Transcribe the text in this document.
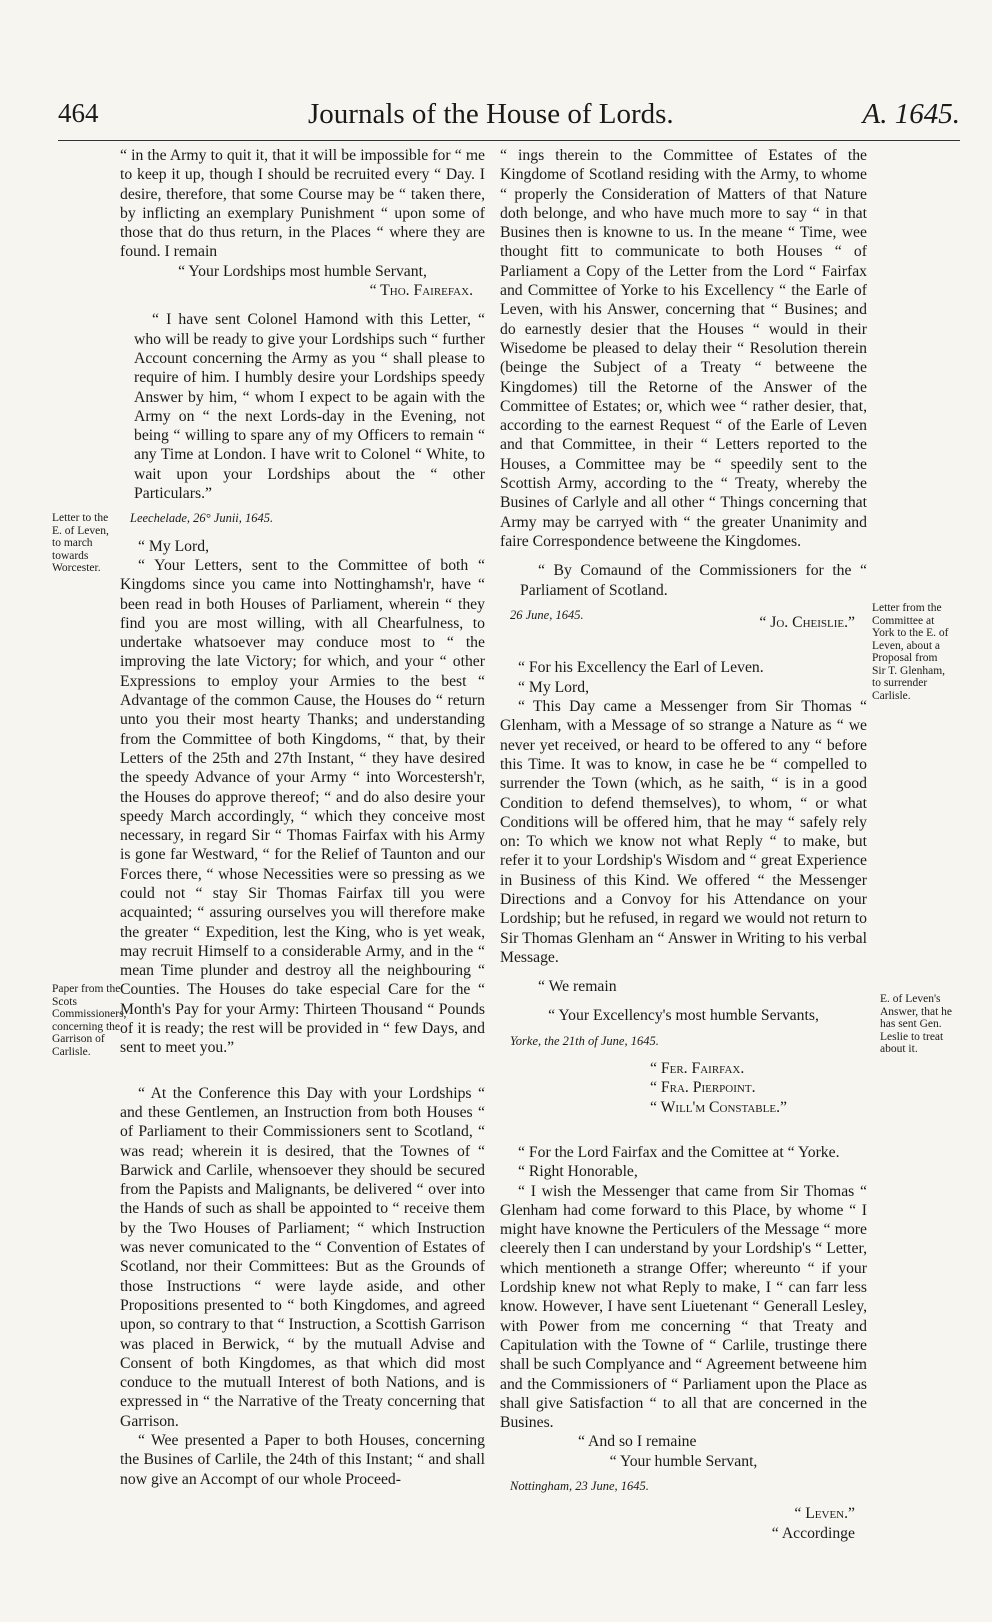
464	Journals of the House of Lords.	A. 1645.
Letter to the E. of Leven, to march towards Worcester.
Paper from the Scots Commissioners, concerning the Garrison of Carlisle.
Letter from the Committee at York to the E. of Leven, about a Proposal from Sir T. Glenham, to surrender Carlisle.
E. of Leven's Answer, that he has sent Gen. Leslie to treat about it.

“ in the Army to quit it, that it will be impossible for “ me to keep it up, though I should be recruited every “ Day. I desire, therefore, that some Course may be “ taken there, by inflicting an exemplary Punishment “ upon some of those that do thus return, in the Places “ where they are found. I remain

“ Your Lordships most humble Servant,

“ Tho. Fairefax.

“ I have sent Colonel Hamond with this Letter, “ who will be ready to give your Lordships such “ further Account concerning the Army as you “ shall please to require of him. I humbly desire your Lordships speedy Answer by him, “ whom I expect to be again with the Army on “ the next Lords-day in the Evening, not being “ willing to spare any of my Officers to remain “ any Time at London. I have writ to Colonel “ White, to wait upon your Lordships about the “ other Particulars.”

Leechelade, 26° Junii, 1645.

“ My Lord,

“ Your Letters, sent to the Committee of both “ Kingdoms since you came into Nottinghamsh'r, have “ been read in both Houses of Parliament, wherein “ they find you are most willing, with all Chearfulness, to undertake whatsoever may conduce most to “ the improving the late Victory; for which, and your “ other Expressions to employ your Armies to the best “ Advantage of the common Cause, the Houses do “ return unto you their most hearty Thanks; and understanding from the Committee of both Kingdoms, “ that, by their Letters of the 25th and 27th Instant, “ they have desired the speedy Advance of your Army “ into Worcestersh'r, the Houses do approve thereof; “ and do also desire your speedy March accordingly, “ which they conceive most necessary, in regard Sir “ Thomas Fairfax with his Army is gone far Westward, “ for the Relief of Taunton and our Forces there, “ whose Necessities were so pressing as we could not “ stay Sir Thomas Fairfax till you were acquainted; “ assuring ourselves you will therefore make the greater “ Expedition, lest the King, who is yet weak, may recruit Himself to a considerable Army, and in the “ mean Time plunder and destroy all the neighbouring “ Counties. The Houses do take especial Care for the “ Month's Pay for your Army: Thirteen Thousand “ Pounds of it is ready; the rest will be provided in “ few Days, and sent to meet you.”

“ At the Conference this Day with your Lordships “ and these Gentlemen, an Instruction from both Houses “ of Parliament to their Commissioners sent to Scotland, “ was read; wherein it is desired, that the Townes of “ Barwick and Carlile, whensoever they should be secured from the Papists and Malignants, be delivered “ over into the Hands of such as shall be appointed to “ receive them by the Two Houses of Parliament; “ which Instruction was never comunicated to the “ Convention of Estates of Scotland, nor their Committees: But as the Grounds of those Instructions “ were layde aside, and other Propositions presented to “ both Kingdomes, and agreed upon, so contrary to that “ Instruction, a Scottish Garrison was placed in Berwick, “ by the mutuall Advise and Consent of both Kingdomes, as that which did most conduce to the mutuall Interest of both Nations, and is expressed in “ the Narrative of the Treaty concerning that Garrison.

“ Wee presented a Paper to both Houses, concerning the Busines of Carlile, the 24th of this Instant; “ and shall now give an Accompt of our whole Proceed-

“ ings therein to the Committee of Estates of the Kingdome of Scotland residing with the Army, to whome “ properly the Consideration of Matters of that Nature doth belonge, and who have much more to say “ in that Busines then is knowne to us. In the meane “ Time, wee thought fitt to communicate to both Houses “ of Parliament a Copy of the Letter from the Lord “ Fairfax and Committee of Yorke to his Excellency “ the Earle of Leven, with his Answer, concerning that “ Busines; and do earnestly desier that the Houses “ would in their Wisedome be pleased to delay their “ Resolution therein (beinge the Subject of a Treaty “ betweene the Kingdomes) till the Retorne of the Answer of the Committee of Estates; or, which wee “ rather desier, that, according to the earnest Request “ of the Earle of Leven and that Committee, in their “ Letters reported to the Houses, a Committee may be “ speedily sent to the Scottish Army, according to the “ Treaty, whereby the Busines of Carlyle and all other “ Things concerning that Army may be carryed with “ the greater Unanimity and faire Correspondence betweene the Kingdomes.

“ By Comaund of the Commissioners for the “ Parliament of Scotland.

26 June, 1645.	“ Jo. Cheislie.”

“ For his Excellency the Earl of Leven.

“ My Lord,

“ This Day came a Messenger from Sir Thomas “ Glenham, with a Message of so strange a Nature as “ we never yet received, or heard to be offered to any “ before this Time. It was to know, in case he be “ compelled to surrender the Town (which, as he saith, “ is in a good Condition to defend themselves), to whom, “ or what Conditions will be offered him, that he may “ safely rely on: To which we know not what Reply “ to make, but refer it to your Lordship's Wisdom and “ great Experience in Business of this Kind. We offered “ the Messenger Directions and a Convoy for his Attendance on your Lordship; but he refused, in regard we would not return to Sir Thomas Glenham an “ Answer in Writing to his verbal Message.

“ We remain

“ Your Excellency's most humble Servants,

Yorke, the 21th of June, 1645.

“ Fer. Fairfax.

“ Fra. Pierpoint.

“ Will'm Constable.”

“ For the Lord Fairfax and the Comittee at “ Yorke.

“ Right Honorable,

“ I wish the Messenger that came from Sir Thomas “ Glenham had come forward to this Place, by whome “ I might have knowne the Perticulers of the Message “ more cleerely then I can understand by your Lordship's “ Letter, which mentioneth a strange Offer; whereunto “ if your Lordship knew not what Reply to make, I “ can farr less know. However, I have sent Liuetenant “ Generall Lesley, with Power from me concerning “ that Treaty and Capitulation with the Towne of “ Carlile, trustinge there shall be such Complyance and “ Agreement betweene him and the Commissioners of “ Parliament upon the Place as shall give Satisfaction “ to all that are concerned in the Busines.

“ And so I remaine

“ Your humble Servant,

Nottingham, 23 June, 1645.

“ Leven.”

“ Accordinge
